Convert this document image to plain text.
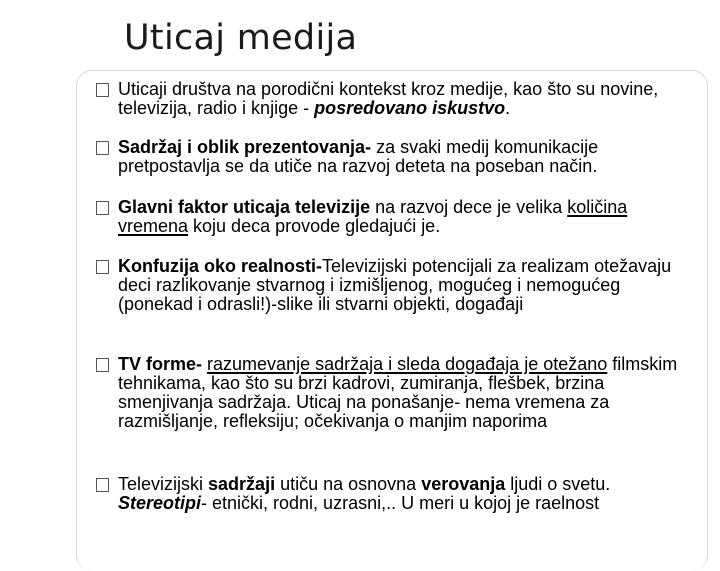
Uticaj medija
Uticaji društva na porodični kontekst kroz medije, kao što su novine, televizija, radio i knjige - posredovano iskustvo.
Sadržaj i oblik prezentovanja- za svaki medij komunikacije pretpostavlja se da utiče na razvoj deteta na poseban način.
Glavni faktor uticaja televizije na razvoj dece je velika količina vremena koju deca provode gledajući je.
Konfuzija oko realnosti-Televizijski potencijali za realizam otežavaju deci razlikovanje stvarnog i izmišljenog, mogućeg i nemogućeg (ponekad i odrasli!)-slike ili stvarni objekti, događaji
TV forme- razumevanje sadržaja i sleda događaja je otežano filmskim tehnikama, kao što su brzi kadrovi, zumiranja, flešbek, brzina smenjivanja sadržaja. Uticaj na ponašanje- nema vremena za razmišljanje, refleksiju; očekivanja o manjim naporima
Televizijski sadržaji utiču na osnovna verovanja ljudi o svetu.
Stereotipi- etnički, rodni, uzrasni,.. U meri u kojoj je raelnost
